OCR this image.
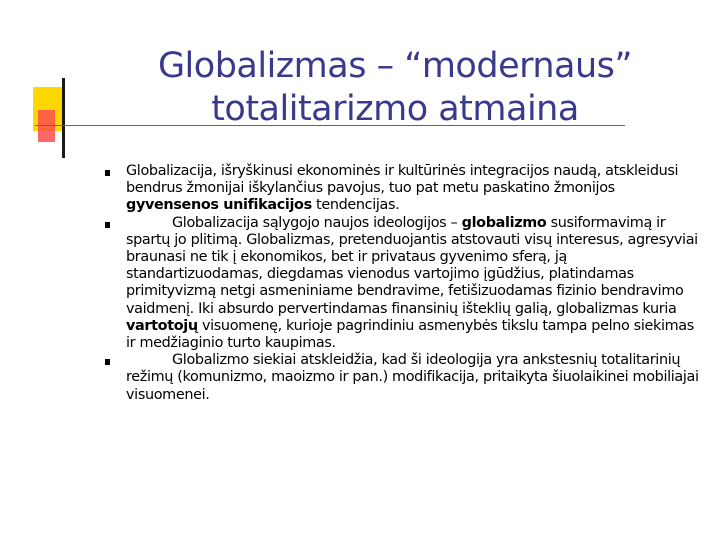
Globalizmas – “modernaus”
totalitarizmo atmaina
Globalizacija, išryškinusi ekonominės ir kultūrinės integracijos naudą, atskleidusi bendrus žmonijai iškylančius pavojus, tuo pat metu paskatino žmonijos gyvensenos unifikacijos tendencijas.
Globalizacija sąlygojo naujos ideologijos – globalizmo susiformavimą ir spartų jo plitimą. Globalizmas, pretenduojantis atstovauti visų interesus, agresyviai braunasi ne tik į ekonomikos, bet ir privataus gyvenimo sferą, ją standartizuodamas, diegdamas vienodus vartojimo įgūdžius, platindamas primityvizmą netgi asmeniniame bendravime, fetišizuodamas fizinio bendravimo vaidmenį. Iki absurdo pervertindamas finansinių išteklių galią, globalizmas kuria vartotojų visuomenę, kurioje pagrindiniu asmenybės tikslu tampa pelno siekimas ir medžiaginio turto kaupimas.
Globalizmo siekiai atskleidžia, kad ši ideologija yra ankstesnių totalitarinių režimų (komunizmo, maoizmo ir pan.) modifikacija, pritaikyta šiuolaikinei mobiliajai visuomenei.
